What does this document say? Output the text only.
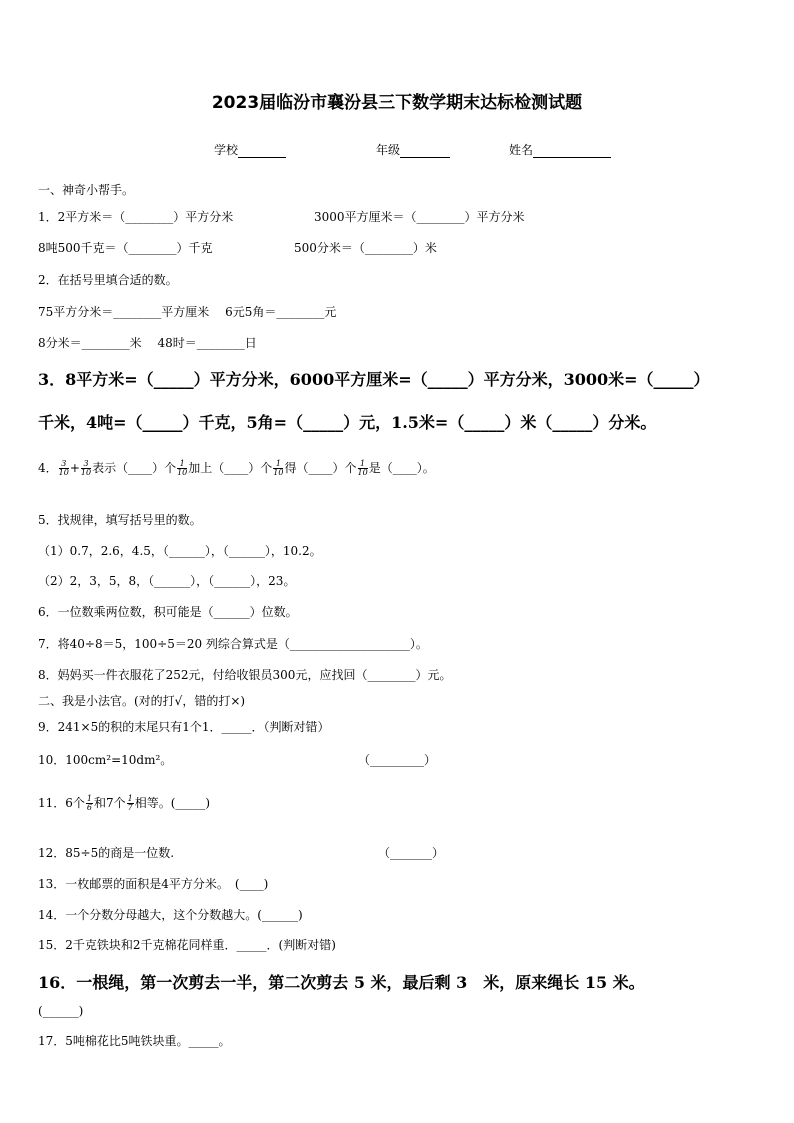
2023届临汾市襄汾县三下数学期末达标检测试题
学校	年级	姓名
一、神奇小帮手。
1．2平方米＝（________）平方分米	3000平方厘米＝（________）平方分米
8吨500千克＝（________）千克	500分米＝（________）米
2．在括号里填合适的数。
75平方分米＝________平方厘米　 6元5角＝________元
8分米＝________米　 48时＝________日
3．8平方米=（_____）平方分米，6000平方厘米=（_____）平方分米，3000米=（_____）
千米，4吨=（_____）千克，5角=（_____）元，1.5米=（_____）米（_____）分米。
4． $\frac{3}{10} + \frac{3}{10}$ 表示（____）个 $\frac{1}{10}$ 加上（____）个 $\frac{1}{10}$ 得（____）个 $\frac{1}{10}$ 是（____）。
5．找规律，填写括号里的数。
（1）0.7，2.6，4.5，（______），（______），10.2。
（2）2，3，5，8，（______），（______），23。
6．一位数乘两位数，积可能是（______）位数。
7．将40÷8＝5，100÷5＝20 列综合算式是（____________________）。
8．妈妈买一件衣服花了252元，付给收银员300元，应找回（________）元。
二、我是小法官。(对的打√，错的打×)
9．241×5的积的末尾只有1个1．_____．（判断对错）
10．100cm²=10dm²。	（_________）
11．6个 $\frac{1}{6}$ 和7个 $\frac{1}{7}$ 相等。(_____)
12．85÷5的商是一位数.	（_______）
13．一枚邮票的面积是4平方分米。　(____)
14．一个分数分母越大，这个分数越大。(______)
15．2千克铁块和2千克棉花同样重．_____．(判断对错)
16．一根绳，第一次剪去一半，第二次剪去 5 米，最后剩 3　米，原来绳长 15 米。
(______)
17．5吨棉花比5吨铁块重。_____。
